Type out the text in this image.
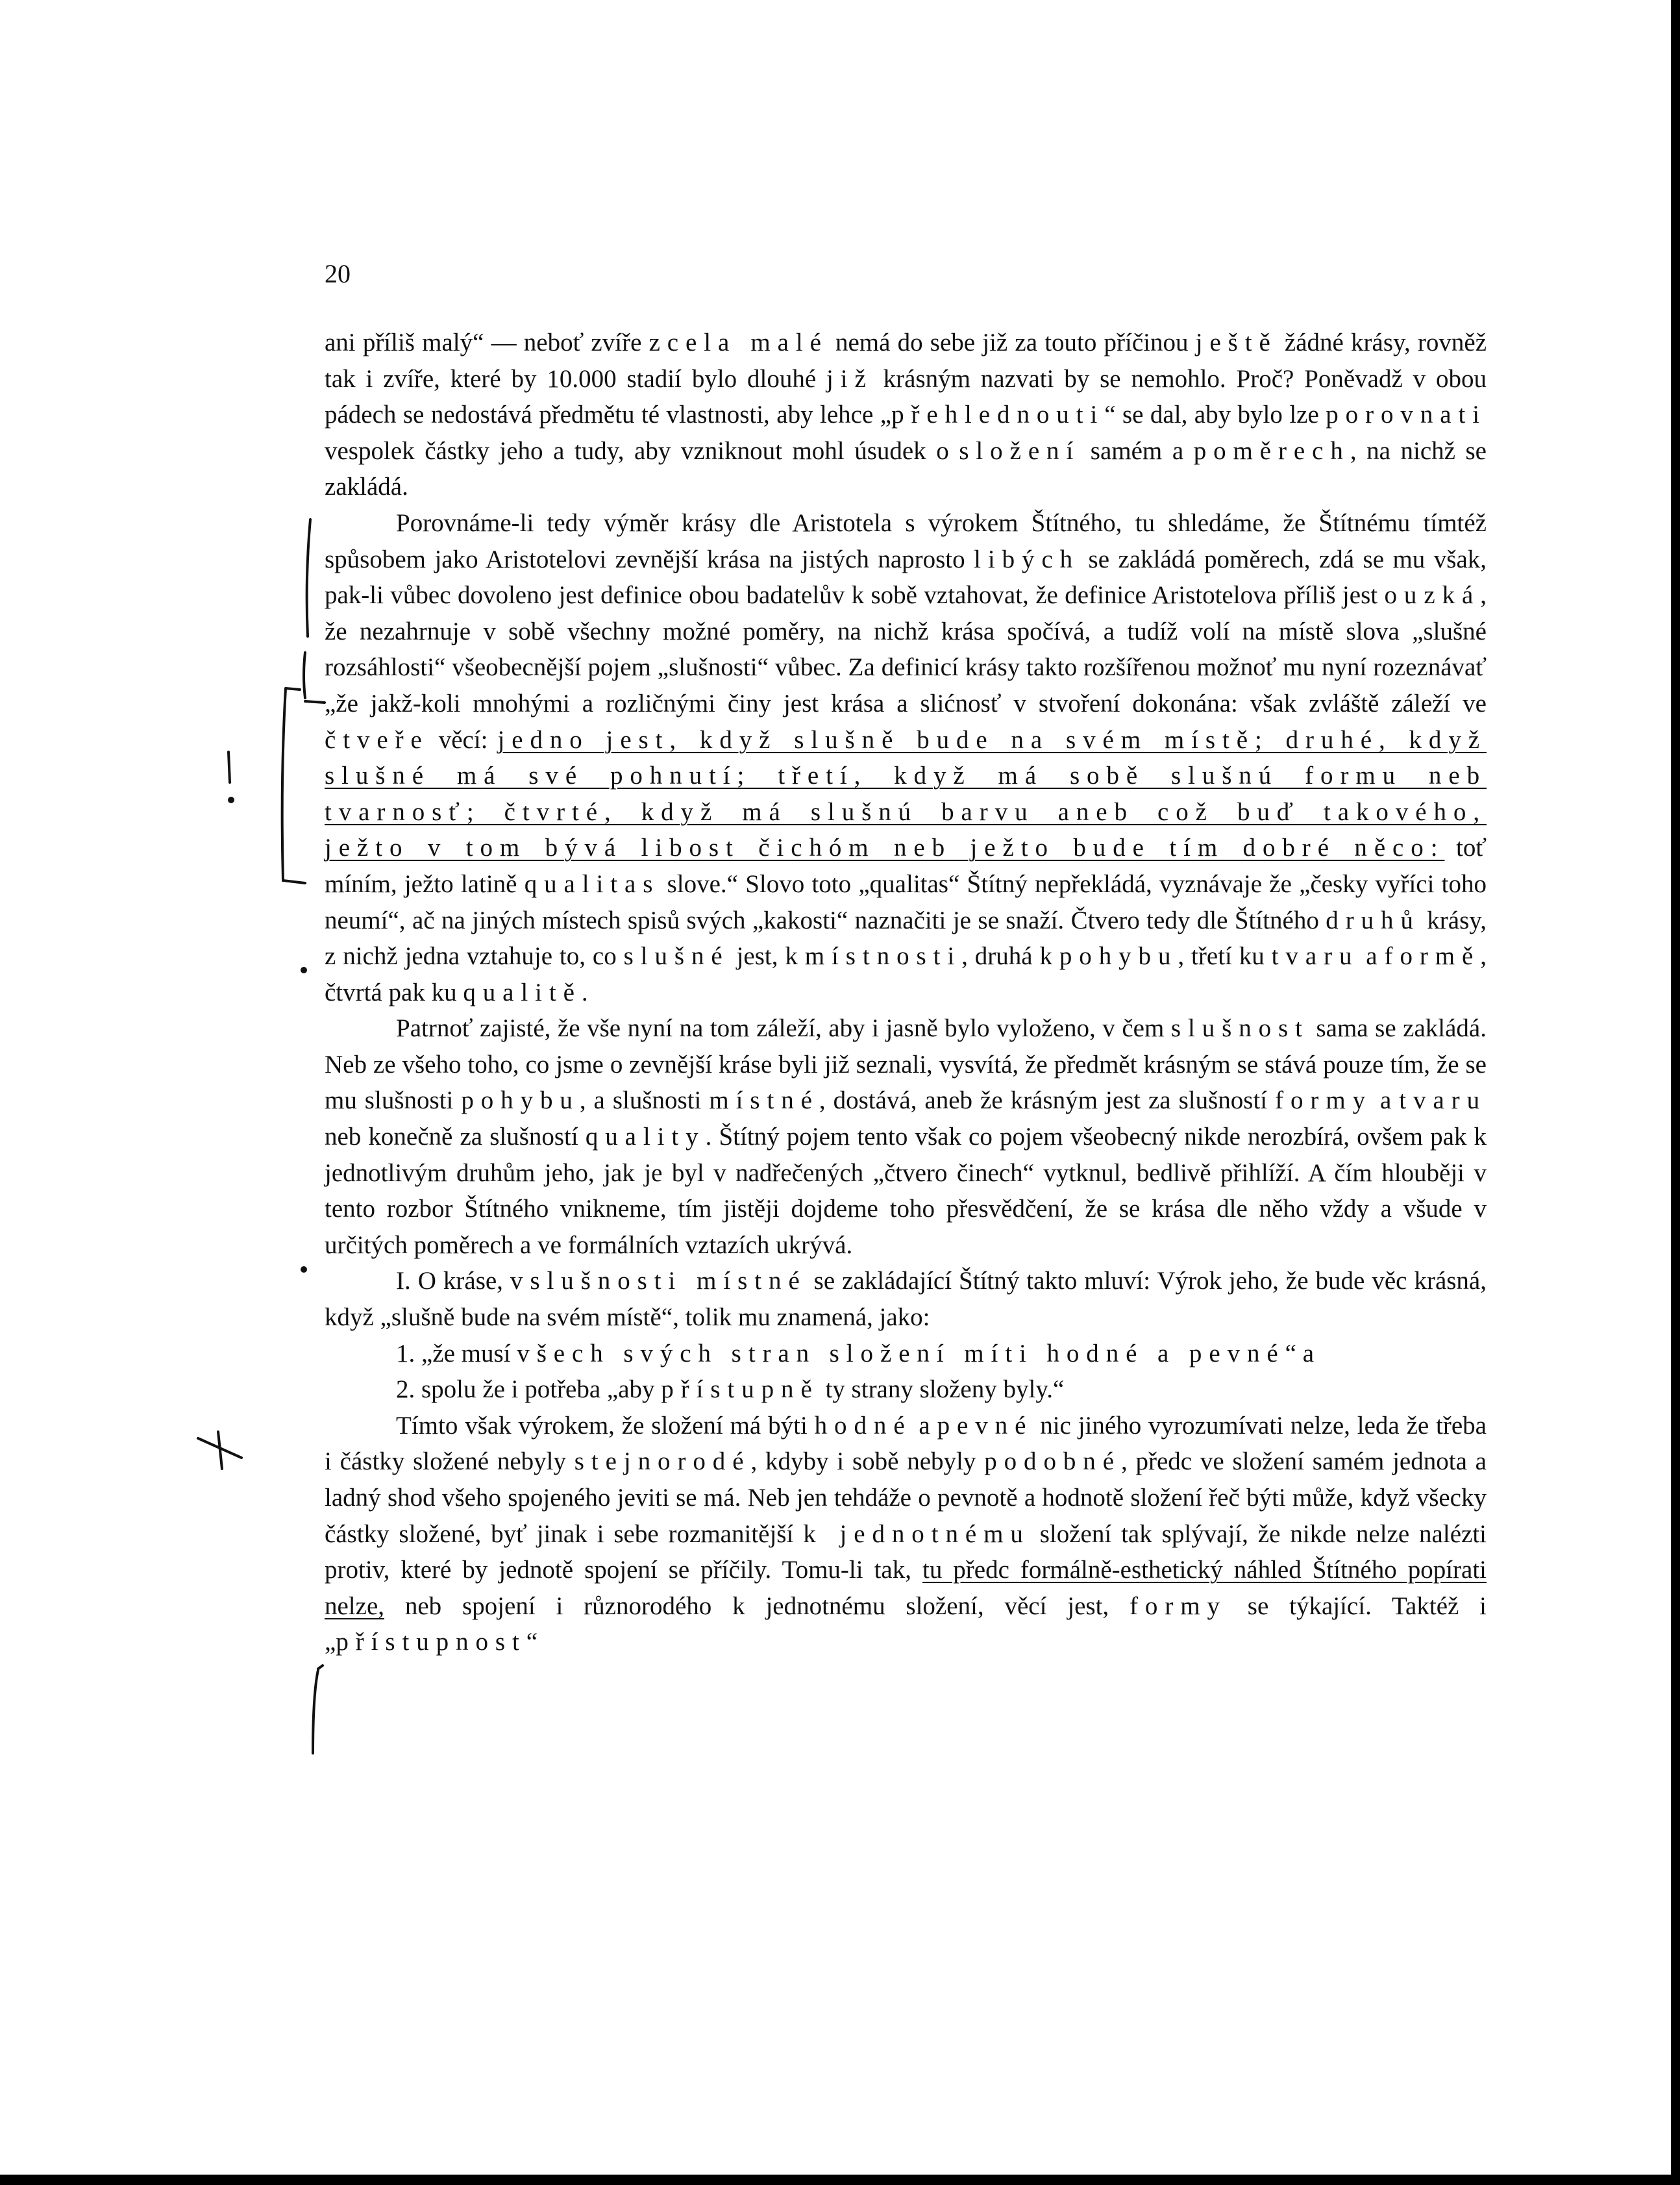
20

ani příliš malý“ — neboť zvíře zcela malé nemá do sebe již za touto příčinou ještě žádné krásy, rovněž tak i zvíře, které by 10.000 stadií bylo dlouhé již krásným nazvati by se nemohlo. Proč? Poněvadž v obou pádech se nedostává předmětu té vlastnosti, aby lehce „přehlednouti“ se dal, aby bylo lze porovnati vespolek částky jeho a tudy, aby vzniknout mohl úsudek o složení samém a poměrech, na nichž se zakládá.

Porovnáme-li tedy výměr krásy dle Aristotela s výrokem Štítného, tu shledáme, že Štítnému tímtéž spůsobem jako Aristotelovi zevnější krása na jistých naprosto libých se zakládá poměrech, zdá se mu však, pak-li vůbec dovoleno jest definice obou badatelův k sobě vztahovat, že definice Aristotelova příliš jest ouzká, že nezahrnuje v sobě všechny možné poměry, na nichž krása spočívá, a tudíž volí na místě slova „slušné rozsáhlosti“ všeobecnější pojem „slušnosti“ vůbec. Za definicí krásy takto rozšířenou možnoť mu nyní rozeznávať „že jakž-koli mnohými a rozličnými činy jest krása a slićnosť v stvoření dokonána: však zvláště záleží ve čtveře věcí: jedno jest, když slušně bude na svém místě; druhé, když slušné má své pohnutí; třetí, když má sobě slušnú formu neb tvarnosť; čtvrté, když má slušnú barvu aneb což buď takového, ježto v tom bývá libost čichóm neb ježto bude tím dobré něco: toť míním, ježto latině qualitas slove.“ Slovo toto „qualitas“ Štítný nepřekládá, vyznávaje že „česky vyříci toho neumí“, ač na jiných místech spisů svých „kakosti“ naznačiti je se snaží. Čtvero tedy dle Štítného druhů krásy, z nichž jedna vztahuje to, co slušné jest, k místnosti, druhá k pohybu, třetí ku tvaru a formě, čtvrtá pak ku qualitě.

Patrnoť zajisté, že vše nyní na tom záleží, aby i jasně bylo vyloženo, v čem slušnost sama se zakládá. Neb ze všeho toho, co jsme o zevnější kráse byli již seznali, vysvítá, že předmět krásným se stává pouze tím, že se mu slušnosti pohybu, a slušnosti místné, dostává, aneb že krásným jest za slušností formy a tvaru neb konečně za slušností quality. Štítný pojem tento však co pojem všeobecný nikde nerozbírá, ovšem pak k jednotlivým druhům jeho, jak je byl v nadřečených „čtvero činech“ vytknul, bedlivě přihlíží. A čím hlouběji v tento rozbor Štítného vnikneme, tím jistěji dojdeme toho přesvědčení, že se krása dle něho vždy a všude v určitých poměrech a ve formálních vztazích ukrývá.

I. O kráse, v slušnosti místné se zakládající Štítný takto mluví: Výrok jeho, že bude věc krásná, když „slušně bude na svém místě“, tolik mu znamená, jako:

1. „že musí všech svých stran složení míti hodné a pevné“ a

2. spolu že i potřeba „aby přístupně ty strany složeny byly.“

Tímto však výrokem, že složení má býti hodné a pevné nic jiného vyrozumívati nelze, leda že třeba i částky složené nebyly stejnorodé, kdyby i sobě nebyly podobné, předc ve složení samém jednota a ladný shod všeho spojeného jeviti se má. Neb jen tehdáže o pevnotě a hodnotě složení řeč býti může, když všecky částky složené, byť jinak i sebe rozmanitější k jednotnému složení tak splývají, že nikde nelze nalézti protiv, které by jednotě spojení se příčily. Tomu-li tak, tu předc formálně-esthetický náhled Štítného popírati nelze, neb spojení i různorodého k jednotnému složení, věcí jest, formy se týkající. Taktéž i „přístupnost“
